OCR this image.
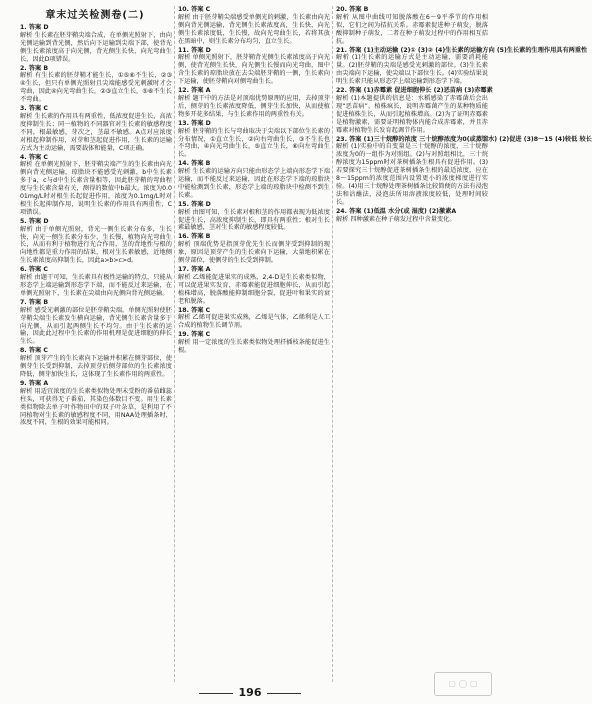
章末过关检测卷(二)
1. 答案 D
解析 生长素在胚芽鞘尖端合成，在单侧光照射下，由向光侧运输到背光侧，然后向下运输到尖端下部，使背光侧生长素浓度高于向光侧，背光侧生长快，向光弯曲生长，因此D项错误。
2. 答案 B
解析 有生长素的胚芽鞘才能生长，①⑤⑥不生长，②③④生长，但只有单侧光照射且尖端能感受光刺激时才会弯曲，因此④向光弯曲生长，②③直立生长，⑤⑥不生长不弯曲。
3. 答案 C
解析 生长素的作用具有两重性，低浓度促进生长，高浓度抑制生长；同一植物的不同器官对生长素的敏感程度不同，根最敏感，芽次之，茎最不敏感。A点对应浓度对根起抑制作用，对芽和茎起促进作用，生长素的运输方式为主动运输，需要载体和能量，C项正确。
4. 答案 C
解析 在单侧光照射下，胚芽鞘尖端产生的生长素由向光侧向背光侧运输，琼脂块不能感受光刺激，b中生长素多于a，c与d中生长素含量相等，因此胚芽鞘的弯曲程度与生长素含量有关，测得的数值中b最大。浓度为0.001mg/L时对根生长起促进作用，浓度为0.1mg/L时对根生长起抑制作用，说明生长素的作用具有两重性，C项错误。
5. 答案 D
解析 由于单侧光照射，背光一侧生长素分布多，生长快，向光一侧生长素分布少，生长慢，植物向光弯曲生长，从而有利于植物进行光合作用，茎的背地性与根的向地性都是重力作用的结果，根对生长素敏感，近地侧生长素浓度高抑制生长，因此a>b>c>d。
6. 答案 C
解析 由题干可知，生长素具有极性运输的特点，只能从形态学上端运输到形态学下端，而不能反过来运输，在单侧光照射下，生长素在尖端由向光侧向背光侧运输。
7. 答案 B
解析 感受光刺激的部位是胚芽鞘尖端，单侧光照射使胚芽鞘尖端生长素发生横向运输，背光侧生长素含量多于向光侧，从而引起两侧生长不均匀。由于生长素的运输，因此此过程中生长素的作用机理是促进细胞的伸长生长。
8. 答案 C
解析 顶芽产生的生长素向下运输并积累在侧芽部位，使侧芽生长受到抑制，去掉顶芽后侧芽部位的生长素浓度降低，侧芽加快生长，这体现了生长素作用的两重性。
9. 答案 A
解析 用适宜浓度的生长素类似物处理未受粉的番茄雌蕊柱头，可获得无子番茄，其染色体数目不变。用生长素类似物除去单子叶作物田中的双子叶杂草，是利用了不同植物对生长素的敏感程度不同，用NAA处理插条时，浓度不同，生根的效果可能相同。
10. 答案 C
解析 由于胚芽鞘尖端感受单侧光的刺激，生长素由向光侧向背光侧运输，背光侧生长素浓度高，生长快，向光侧生长素浓度低，生长慢，故向光弯曲生长，若将其放在黑暗中，则生长素分布均匀，直立生长。
11. 答案 D
解析 单侧光照射下，胚芽鞘背光侧生长素浓度高于向光侧，使背光侧生长快，向光侧生长慢而向光弯曲，图中含生长素的琼脂块放在去尖端胚芽鞘的一侧，生长素向下运输，使胚芽鞘向对侧弯曲生长。
12. 答案 A
解析 题干中的方法是对顶端优势原理的应用，去掉顶芽后，侧芽的生长素浓度降低，侧芽生长加快，从而使植物多开花多结果，与生长素作用的两重性有关。
13. 答案 D
解析 胚芽鞘的生长与弯曲取决于尖端以下部位生长素的分布情况，①直立生长，②向右弯曲生长，③不生长也不弯曲，④向光弯曲生长，⑤直立生长，⑥向左弯曲生长。
14. 答案 B
解析 生长素的运输方向只能由形态学上端向形态学下端运输，而不能反过来运输，因此在形态学下端的琼脂块中能检测到生长素，形态学上端的琼脂块中检测不到生长素。
15. 答案 D
解析 由图可知，生长素对根和茎的作用都表现为低浓度促进生长，高浓度抑制生长，即具有两重性；根对生长素最敏感，茎对生长素的敏感程度较低。
16. 答案 B
解析 顶端优势是指顶芽优先生长而侧芽受到抑制的现象，原因是顶芽产生的生长素向下运输，大量地积累在侧芽部位，使侧芽的生长受到抑制。
17. 答案 A
解析 乙烯能促进果实的成熟，2,4-D是生长素类似物，可以促进果实发育，赤霉素能促进细胞伸长，从而引起植株增高，脱落酸能抑制细胞分裂，促进叶和果实的衰老和脱落。
18. 答案 C
解析 乙烯可促进果实成熟，乙烯是气体，乙烯利是人工合成的植物生长调节剂。
19. 答案 C
解析 用一定浓度的生长素类似物处理扦插枝条能促进生根。
20. 答案 B
解析 从图中曲线可知脱落酸在6～9平季节的作用相似，它们之间为拮抗关系。赤霉素促进种子萌发，脱落酸抑制种子萌发，二者在种子萌发过程中的作用相互拮抗。
21. 答案 (1)主动运输 (2)① (3)② (4)生长素的运输方向 (5)生长素的生理作用具有两重性
解析 (1)生长素的运输方式是主动运输，需要消耗能量。(2)胚芽鞘的尖端是感受光刺激的部位。(3)生长素由尖端向下运输，使尖端以下部位生长。(4)实验结果说明生长素只能从形态学上端运输到形态学下端。
22. 答案 (1)赤霉素 促进细胞伸长 (2)恶苗病 (3)赤霉素
解析 (1)本题提供的信息是：水稻感染了赤霉菌后会出现“恶苗病”，植株疯长，说明赤霉菌产生的某种物质能促进植株生长，从而引起植株增高。(2)为了证明赤霉素是植物激素，需要证明植物体内能合成赤霉素，并且赤霉素对植物生长发育起调节作用。
23. 答案 (1)三十烷醇的浓度 三十烷醇浓度为0(或蒸馏水) (2)促进 (3)8～15 (4)较低 较长
解析 (1)实验中的自变量是三十烷醇的浓度，三十烷醇浓度为0的一组作为对照组。(2)与对照组相比，三十烷醇浓度为15ppm时对茶树插条生根具有促进作用。(3)若要探究三十烷醇促进茶树插条生根的最适浓度，应在8～15ppm的浓度范围内设置更小的浓度梯度进行实验。(4)用三十烷醇处理茶树插条比较简便的方法有浸泡法和沾蘸法，浸泡法所用溶液浓度较低，处理时间较长。
24. 答案 (1)低温 水分(或 湿度) (2)激素A
解析 四种激素在种子萌发过程中含量变化。
196
▢ ◯ ▢
